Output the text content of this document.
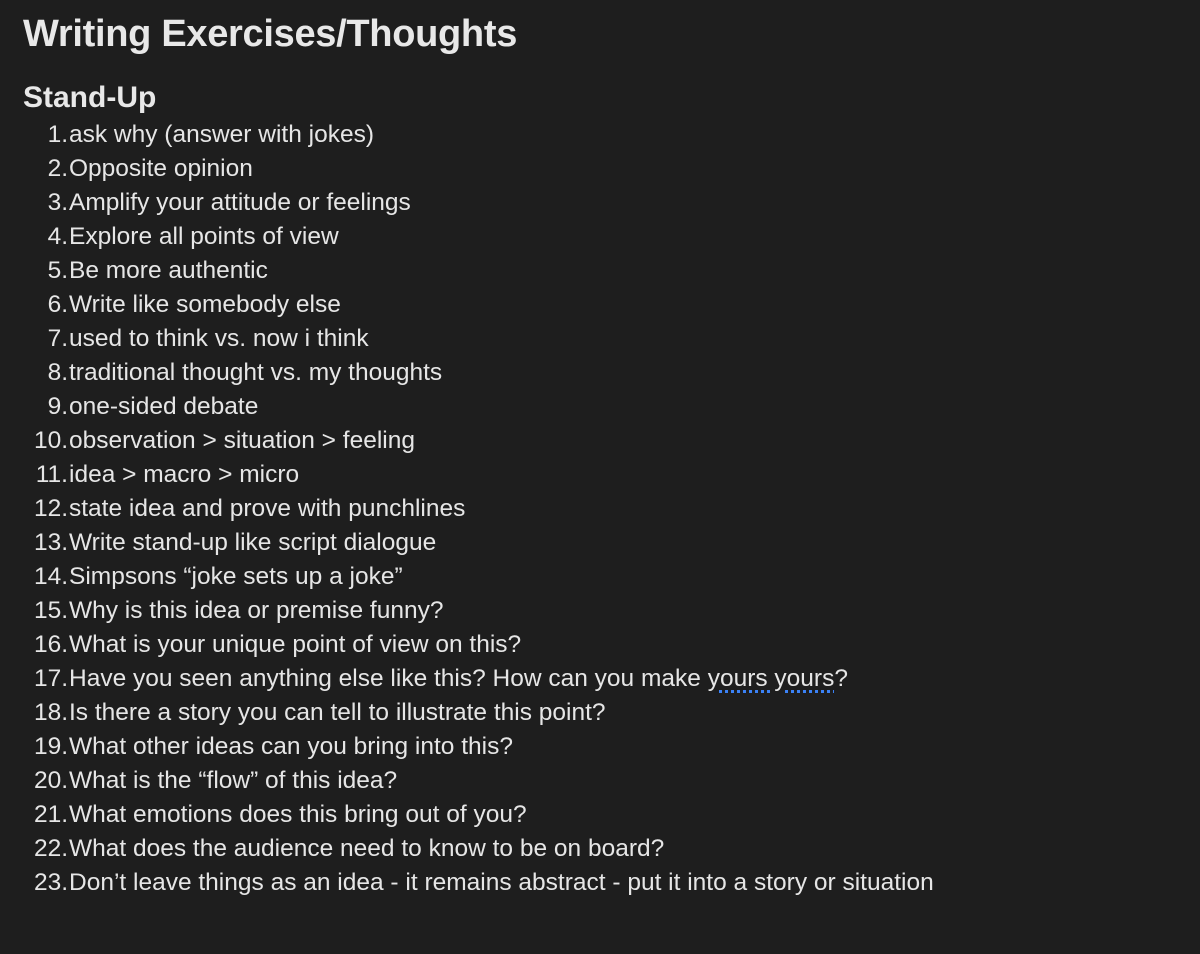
Writing Exercises/Thoughts
Stand-Up
1. ask why (answer with jokes)
2. Opposite opinion
3. Amplify your attitude or feelings
4. Explore all points of view
5. Be more authentic
6. Write like somebody else
7. used to think vs. now i think
8. traditional thought vs. my thoughts
9. one-sided debate
10. observation > situation > feeling
11. idea > macro > micro
12. state idea and prove with punchlines
13. Write stand-up like script dialogue
14. Simpsons “joke sets up a joke”
15. Why is this idea or premise funny?
16. What is your unique point of view on this?
17. Have you seen anything else like this? How can you make yours yours?
18. Is there a story you can tell to illustrate this point?
19. What other ideas can you bring into this?
20. What is the “flow” of this idea?
21. What emotions does this bring out of you?
22. What does the audience need to know to be on board?
23. Don’t leave things as an idea - it remains abstract - put it into a story or situation
